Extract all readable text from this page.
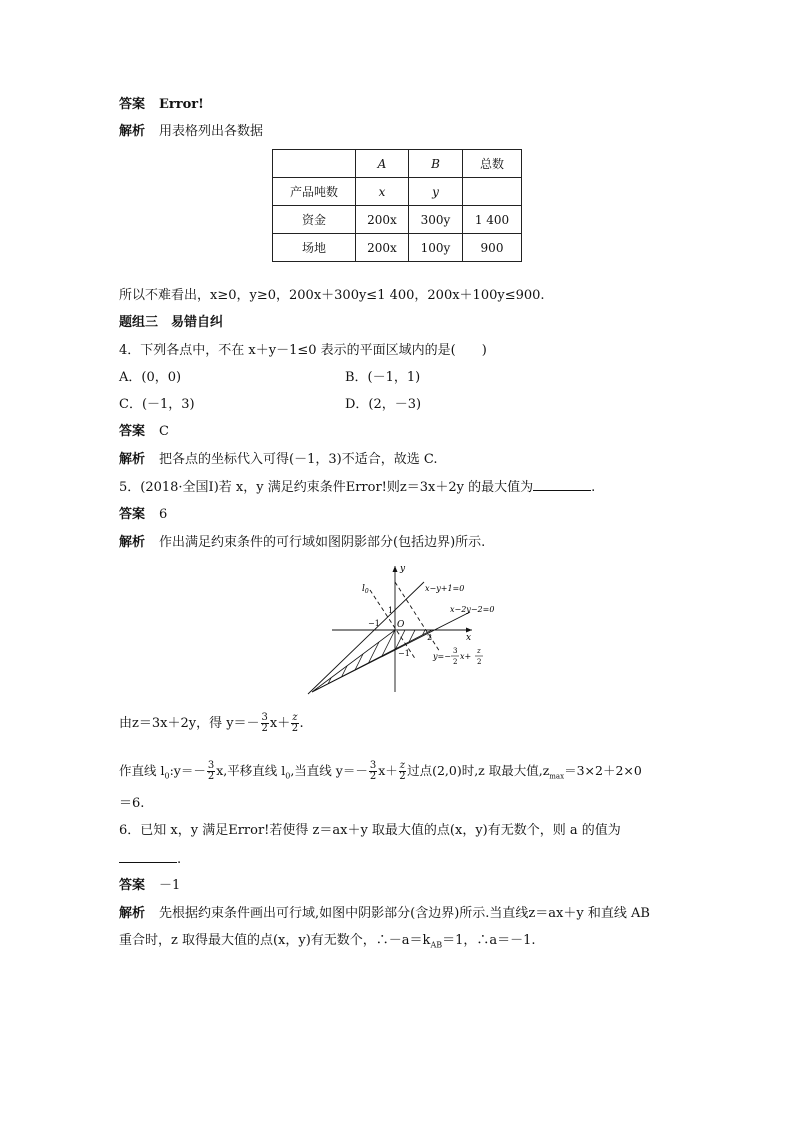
答案 Error!
解析 用表格列出各数据
	A	B	总数
产品吨数	x	y	
资金	200x	300y	1 400
场地	200x	100y	900
所以不难看出，x≥0，y≥0，200x＋300y≤1 400，200x＋100y≤900.
题组三　易错自纠
4．下列各点中，不在 x＋y－1≤0 表示的平面区域内的是(　　)
A．(0，0)	B．(－1，1)
C．(－1，3)	D．(2，－3)
答案 C
解析 把各点的坐标代入可得(－1，3)不适合，故选 C.
5．(2018·全国Ⅰ)若 x，y 满足约束条件Error!则z＝3x＋2y 的最大值为	.
答案 6
解析 作出满足约束条件的可行域如图阴影部分(包括边界)所示.
y
x
O
$l_0$	x−y+1=0
x−2y−2=0
1
−1
2
−1	y=−
3
2
x+
z
2
由z＝3x＋2y，得 $y=- \frac{3}{2} x+ \frac{z}{2}$ .
作直线 $l_0:y=- \frac{3}{2} x$,平移直线 $l_0$,当直线 $y=- \frac{3}{2} x+ \frac{z}{2}$ 过点(2,0)时,z 取最大值$,z_{max}=3\times 2+2\times 0$
＝6.
6．已知 x，y 满足Error!若使得 z＝ax＋y 取最大值的点(x，y)有无数个，则 a 的值为
.
答案 －1
解析 先根据约束条件画出可行域,如图中阴影部分(含边界)所示.当直线z＝ax＋y 和直线 AB
重合时，z 取得最大值的点(x，y)有无数个，$\therefore-a=k_{AB}=1$，∴a＝－1.
